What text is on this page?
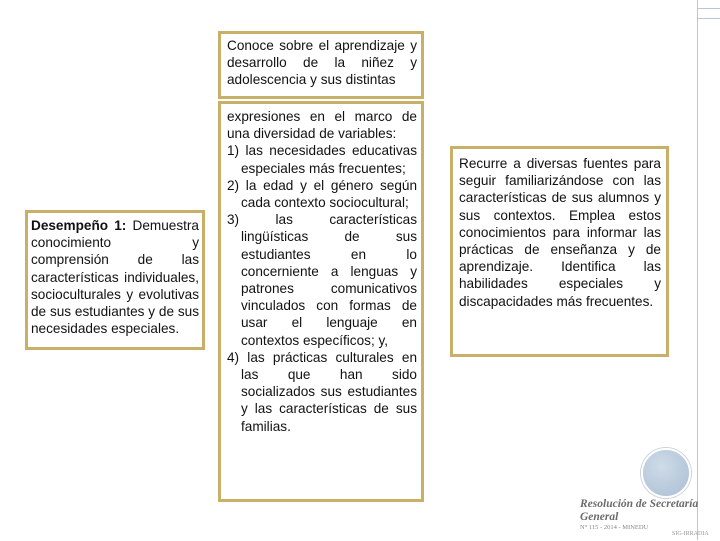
Desempeño 1: Demuestra conocimiento y comprensión de las características individuales, socioculturales y evolutivas de sus estudiantes y de sus necesidades especiales.
Conoce sobre el aprendizaje y desarrollo de la niñez y adolescencia y sus distintas
expresiones en el marco de una diversidad de variables:
1) las necesidades educativas especiales más frecuentes;
2) la edad y el género según cada contexto sociocultural;
3) las características lingüísticas de sus estudiantes en lo concerniente a lenguas y patrones comunicativos vinculados con formas de usar el lenguaje en contextos específicos; y,
4) las prácticas culturales en las que han sido socializados sus estudiantes y las características de sus familias.
Recurre a diversas fuentes para seguir familiarizándose con las características de sus alumnos y sus contextos. Emplea estos conocimientos para informar las prácticas de enseñanza y de aprendizaje. Identifica las habilidades especiales y discapacidades más frecuentes.
Resolución de Secretaría General
N° 115 - 2014 - MINEDU
SIG-IRRADIA
